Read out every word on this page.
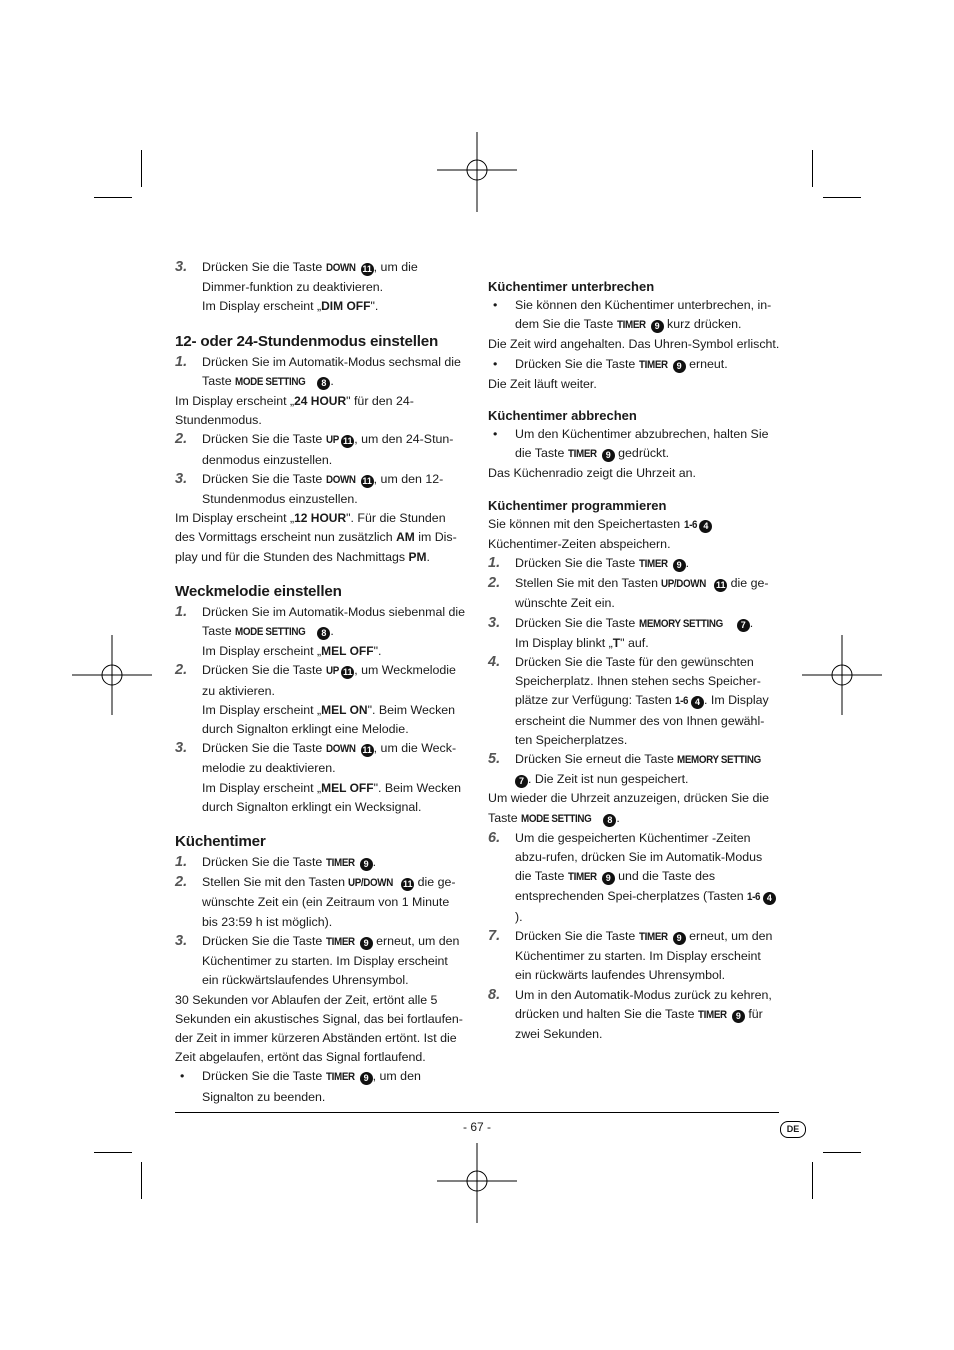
3. Drücken Sie die Taste DOWN 11 , um die Dimmer-funktion zu deaktivieren.
Im Display erscheint „DIM OFF".
12- oder 24-Stundenmodus einstellen
1. Drücken Sie im Automatik-Modus sechsmal die Taste MODE SETTING 8 .
Im Display erscheint „24 HOUR" für den 24-Stundenmodus.
2. Drücken Sie die Taste UP 11 , um den 24-Stun-denmodus einzustellen.
3. Drücken Sie die Taste DOWN 11 , um den 12-Stundenmodus einzustellen.
Im Display erscheint „12 HOUR". Für die Stunden des Vormittags erscheint nun zusätzlich AM im Dis-play und für die Stunden des Nachmittags PM.
Weckmelodie einstellen
1. Drücken Sie im Automatik-Modus siebenmal die Taste MODE SETTING 8 .
Im Display erscheint „MEL OFF".
2. Drücken Sie die Taste UP 11 , um Weckmelodie zu aktivieren.
Im Display erscheint „MEL ON". Beim Wecken durch Signalton erklingt eine Melodie.
3. Drücken Sie die Taste DOWN 11 , um die Weck-melodie zu deaktivieren.
Im Display erscheint „MEL OFF". Beim Wecken durch Signalton erklingt ein Wecksignal.
Küchentimer
1. Drücken Sie die Taste TIMER 9 .
2. Stellen Sie mit den Tasten UP/DOWN 11 die ge-wünschte Zeit ein (ein Zeitraum von 1 Minute bis 23:59 h ist möglich).
3. Drücken Sie die Taste TIMER 9 erneut, um den Küchentimer zu starten. Im Display erscheint ein rückwärtslaufendes Uhrensymbol.
30 Sekunden vor Ablaufen der Zeit, ertönt alle 5 Sekunden ein akustisches Signal, das bei fortlaufen-der Zeit in immer kürzeren Abständen ertönt. Ist die Zeit abgelaufen, ertönt das Signal fortlaufend.
• Drücken Sie die Taste TIMER 9 , um den Signalton zu beenden.
Küchentimer unterbrechen
• Sie können den Küchentimer unterbrechen, in-dem Sie die Taste TIMER 9 kurz drücken.
Die Zeit wird angehalten. Das Uhren-Symbol erlischt.
• Drücken Sie die Taste TIMER 9 erneut.
Die Zeit läuft weiter.
Küchentimer abbrechen
• Um den Küchentimer abzubrechen, halten Sie die Taste TIMER 9 gedrückt.
Das Küchenradio zeigt die Uhrzeit an.
Küchentimer programmieren
Sie können mit den Speichertasten 1-6 4 Küchentimer-Zeiten abspeichern.
1. Drücken Sie die Taste TIMER 9 .
2. Stellen Sie mit den Tasten UP/DOWN 11 die ge-wünschte Zeit ein.
3. Drücken Sie die Taste MEMORY SETTING 7 .
Im Display blinkt „T" auf.
4. Drücken Sie die Taste für den gewünschten Speicherplatz. Ihnen stehen sechs Speicher-plätze zur Verfügung: Tasten 1-6 4 . Im Display erscheint die Nummer des von Ihnen gewähl-ten Speicherplatzes.
5. Drücken Sie erneut die Taste MEMORY SETTING 7 . Die Zeit ist nun gespeichert.
Um wieder die Uhrzeit anzuzeigen, drücken Sie die Taste MODE SETTING 8 .
6. Um die gespeicherten Küchentimer -Zeiten abzu-rufen, drücken Sie im Automatik-Modus die Taste TIMER 9 und die Taste des entsprechenden Spei-cherplatzes (Tasten 1-6 4).
7. Drücken Sie die Taste TIMER 9 erneut, um den Küchentimer zu starten. Im Display erscheint ein rückwärts laufendes Uhrensymbol.
8. Um in den Automatik-Modus zurück zu kehren, drücken und halten Sie die Taste TIMER 9 für zwei Sekunden.
- 67 -	DE
